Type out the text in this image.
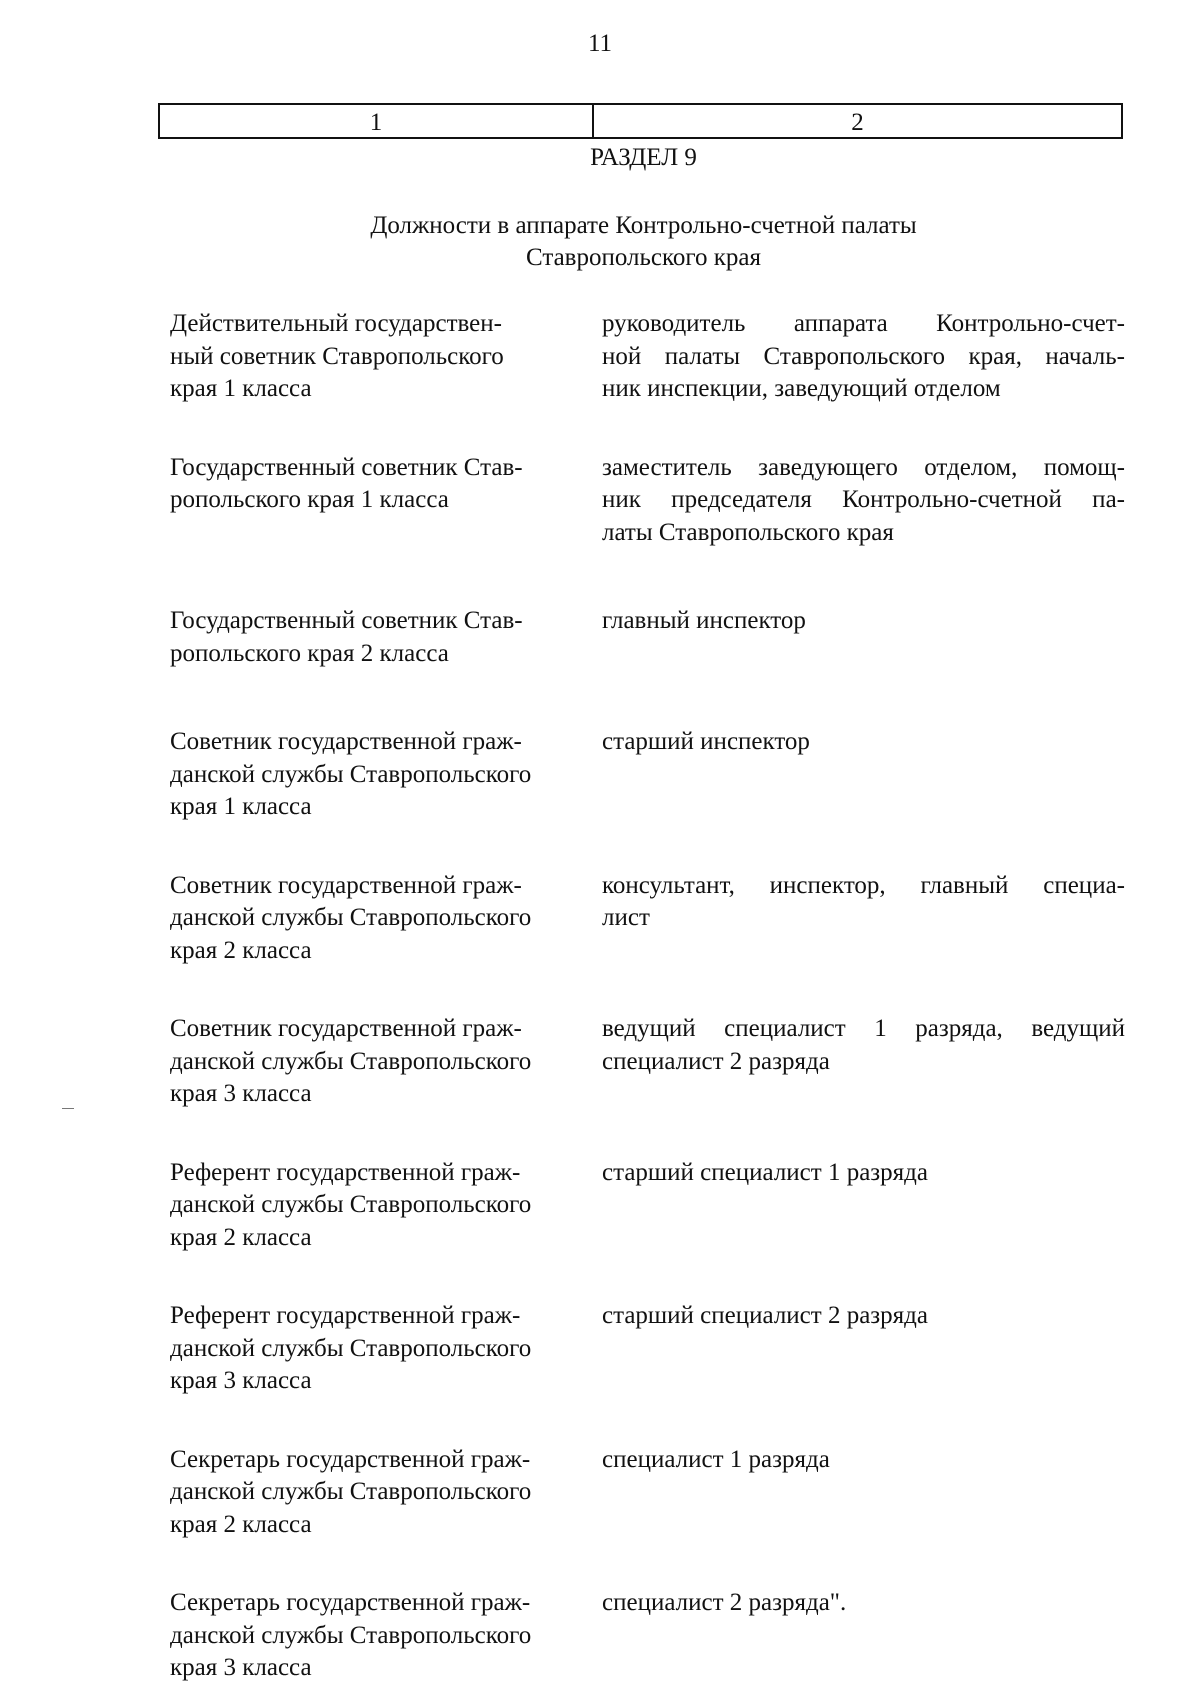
11
1	2
РАЗДЕЛ 9
Должности в аппарате Контрольно-счетной палаты
Ставропольского края
Действительный государствен-
ный советник Ставропольского
края 1 класса
руководитель аппарата Контрольно-счет-
ной палаты Ставропольского края, началь-
ник инспекции, заведующий отделом
Государственный советник Став-
ропольского края 1 класса
заместитель заведующего отделом, помощ-
ник председателя Контрольно-счетной па-
латы Ставропольского края
Государственный советник Став-
ропольского края 2 класса
главный инспектор
Советник государственной граж-
данской службы Ставропольского
края 1 класса
старший инспектор
Советник государственной граж-
данской службы Ставропольского
края 2 класса
консультант, инспектор, главный специа-
лист
Советник государственной граж-
данской службы Ставропольского
края 3 класса
ведущий специалист 1 разряда, ведущий
специалист 2 разряда
Референт государственной граж-
данской службы Ставропольского
края 2 класса
старший специалист 1 разряда
Референт государственной граж-
данской службы Ставропольского
края 3 класса
старший специалист 2 разряда
Секретарь государственной граж-
данской службы Ставропольского
края 2 класса
специалист 1 разряда
Секретарь государственной граж-
данской службы Ставропольского
края 3 класса
специалист 2 разряда".
